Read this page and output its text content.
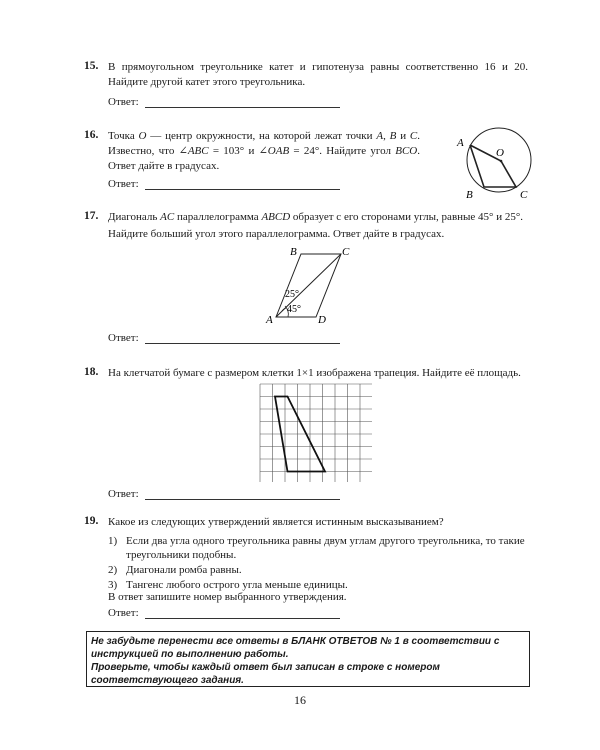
15. В прямоугольном треугольнике катет и гипотенуза равны соответственно 16 и 20. Найдите другой катет этого треугольника.
Ответ:
16. Точка O — центр окружности, на которой лежат точки A, B и C. Известно, что ∠ABC = 103° и ∠OAB = 24°. Найдите угол BCO. Ответ дайте в градусах.
A
O
B	C
Ответ:
17. Диагональ AC параллелограмма ABCD образует с его сторонами углы, равные 45° и 25°.
Найдите больший угол этого параллелограмма. Ответ дайте в градусах.
B	C
A	D
25°
45°
Ответ:
18. На клетчатой бумаге с размером клетки 1×1 изображена трапеция. Найдите её площадь.
Ответ:
19. Какое из следующих утверждений является истинным высказыванием?
1) Если два угла одного треугольника равны двум углам другого треугольника, то такие треугольники подобны.
2) Диагонали ромба равны.
3) Тангенс любого острого угла меньше единицы.
В ответ запишите номер выбранного утверждения.
Ответ:

Не забудьте перенести все ответы в БЛАНК ОТВЕТОВ № 1 в соответствии с инструкцией по выполнению работы.

Проверьте, чтобы каждый ответ был записан в строке с номером соответствующего задания.

16
